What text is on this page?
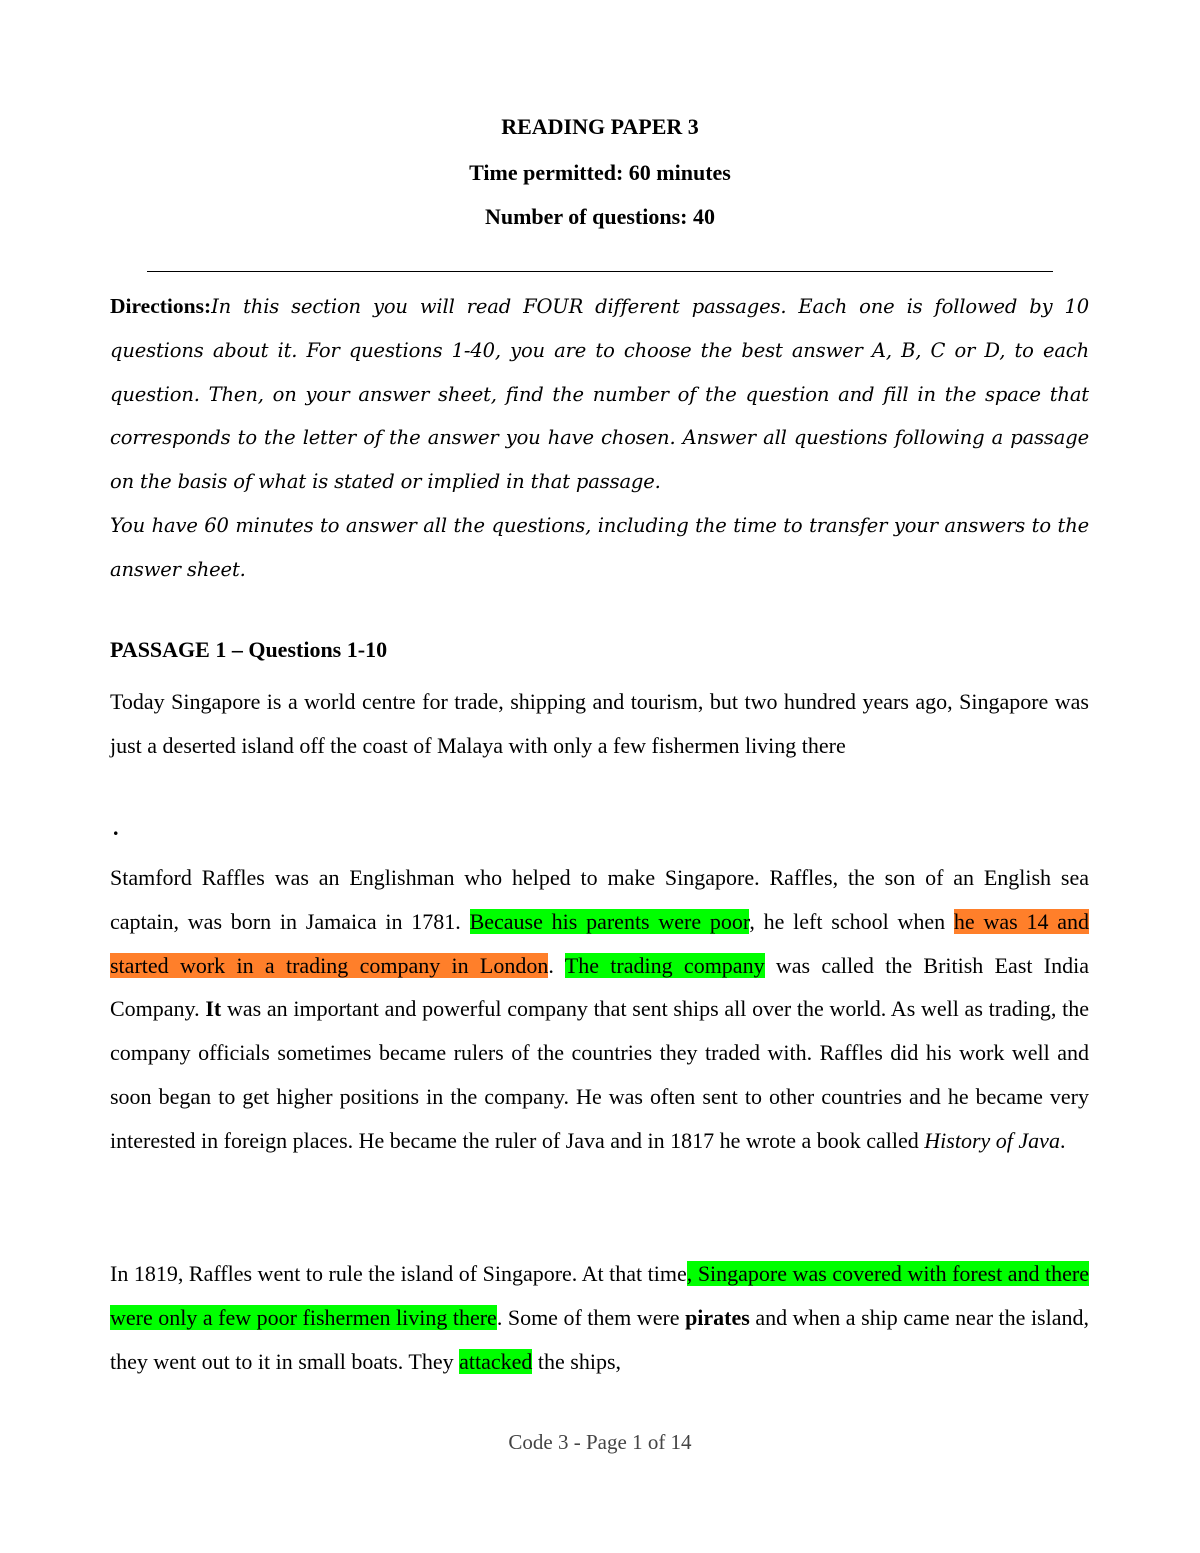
READING PAPER 3
Time permitted: 60 minutes
Number of questions: 40
Directions:In this section you will read FOUR different passages. Each one is followed by 10 questions about it. For questions 1-40, you are to choose the best answer A, B, C or D, to each question. Then, on your answer sheet, find the number of the question and fill in the space that corresponds to the letter of the answer you have chosen. Answer all questions following a passage on the basis of what is stated or implied in that passage.
You have 60 minutes to answer all the questions, including the time to transfer your answers to the answer sheet.
PASSAGE 1 – Questions 1-10
Today Singapore is a world centre for trade, shipping and tourism, but two hundred years ago, Singapore was just a deserted island off the coast of Malaya with only a few fishermen living there
.
Stamford Raffles was an Englishman who helped to make Singapore. Raffles, the son of an English sea captain, was born in Jamaica in 1781. Because his parents were poor, he left school when he was 14 and started work in a trading company in London. The trading company was called the British East India Company. It was an important and powerful company that sent ships all over the world. As well as trading, the company officials sometimes became rulers of the countries they traded with. Raffles did his work well and soon began to get higher positions in the company. He was often sent to other countries and he became very interested in foreign places. He became the ruler of Java and in 1817 he wrote a book called History of Java.
In 1819, Raffles went to rule the island of Singapore. At that time, Singapore was covered with forest and there were only a few poor fishermen living there. Some of them were pirates and when a ship came near the island, they went out to it in small boats. They attacked the ships,
Code 3 - Page 1 of 14
